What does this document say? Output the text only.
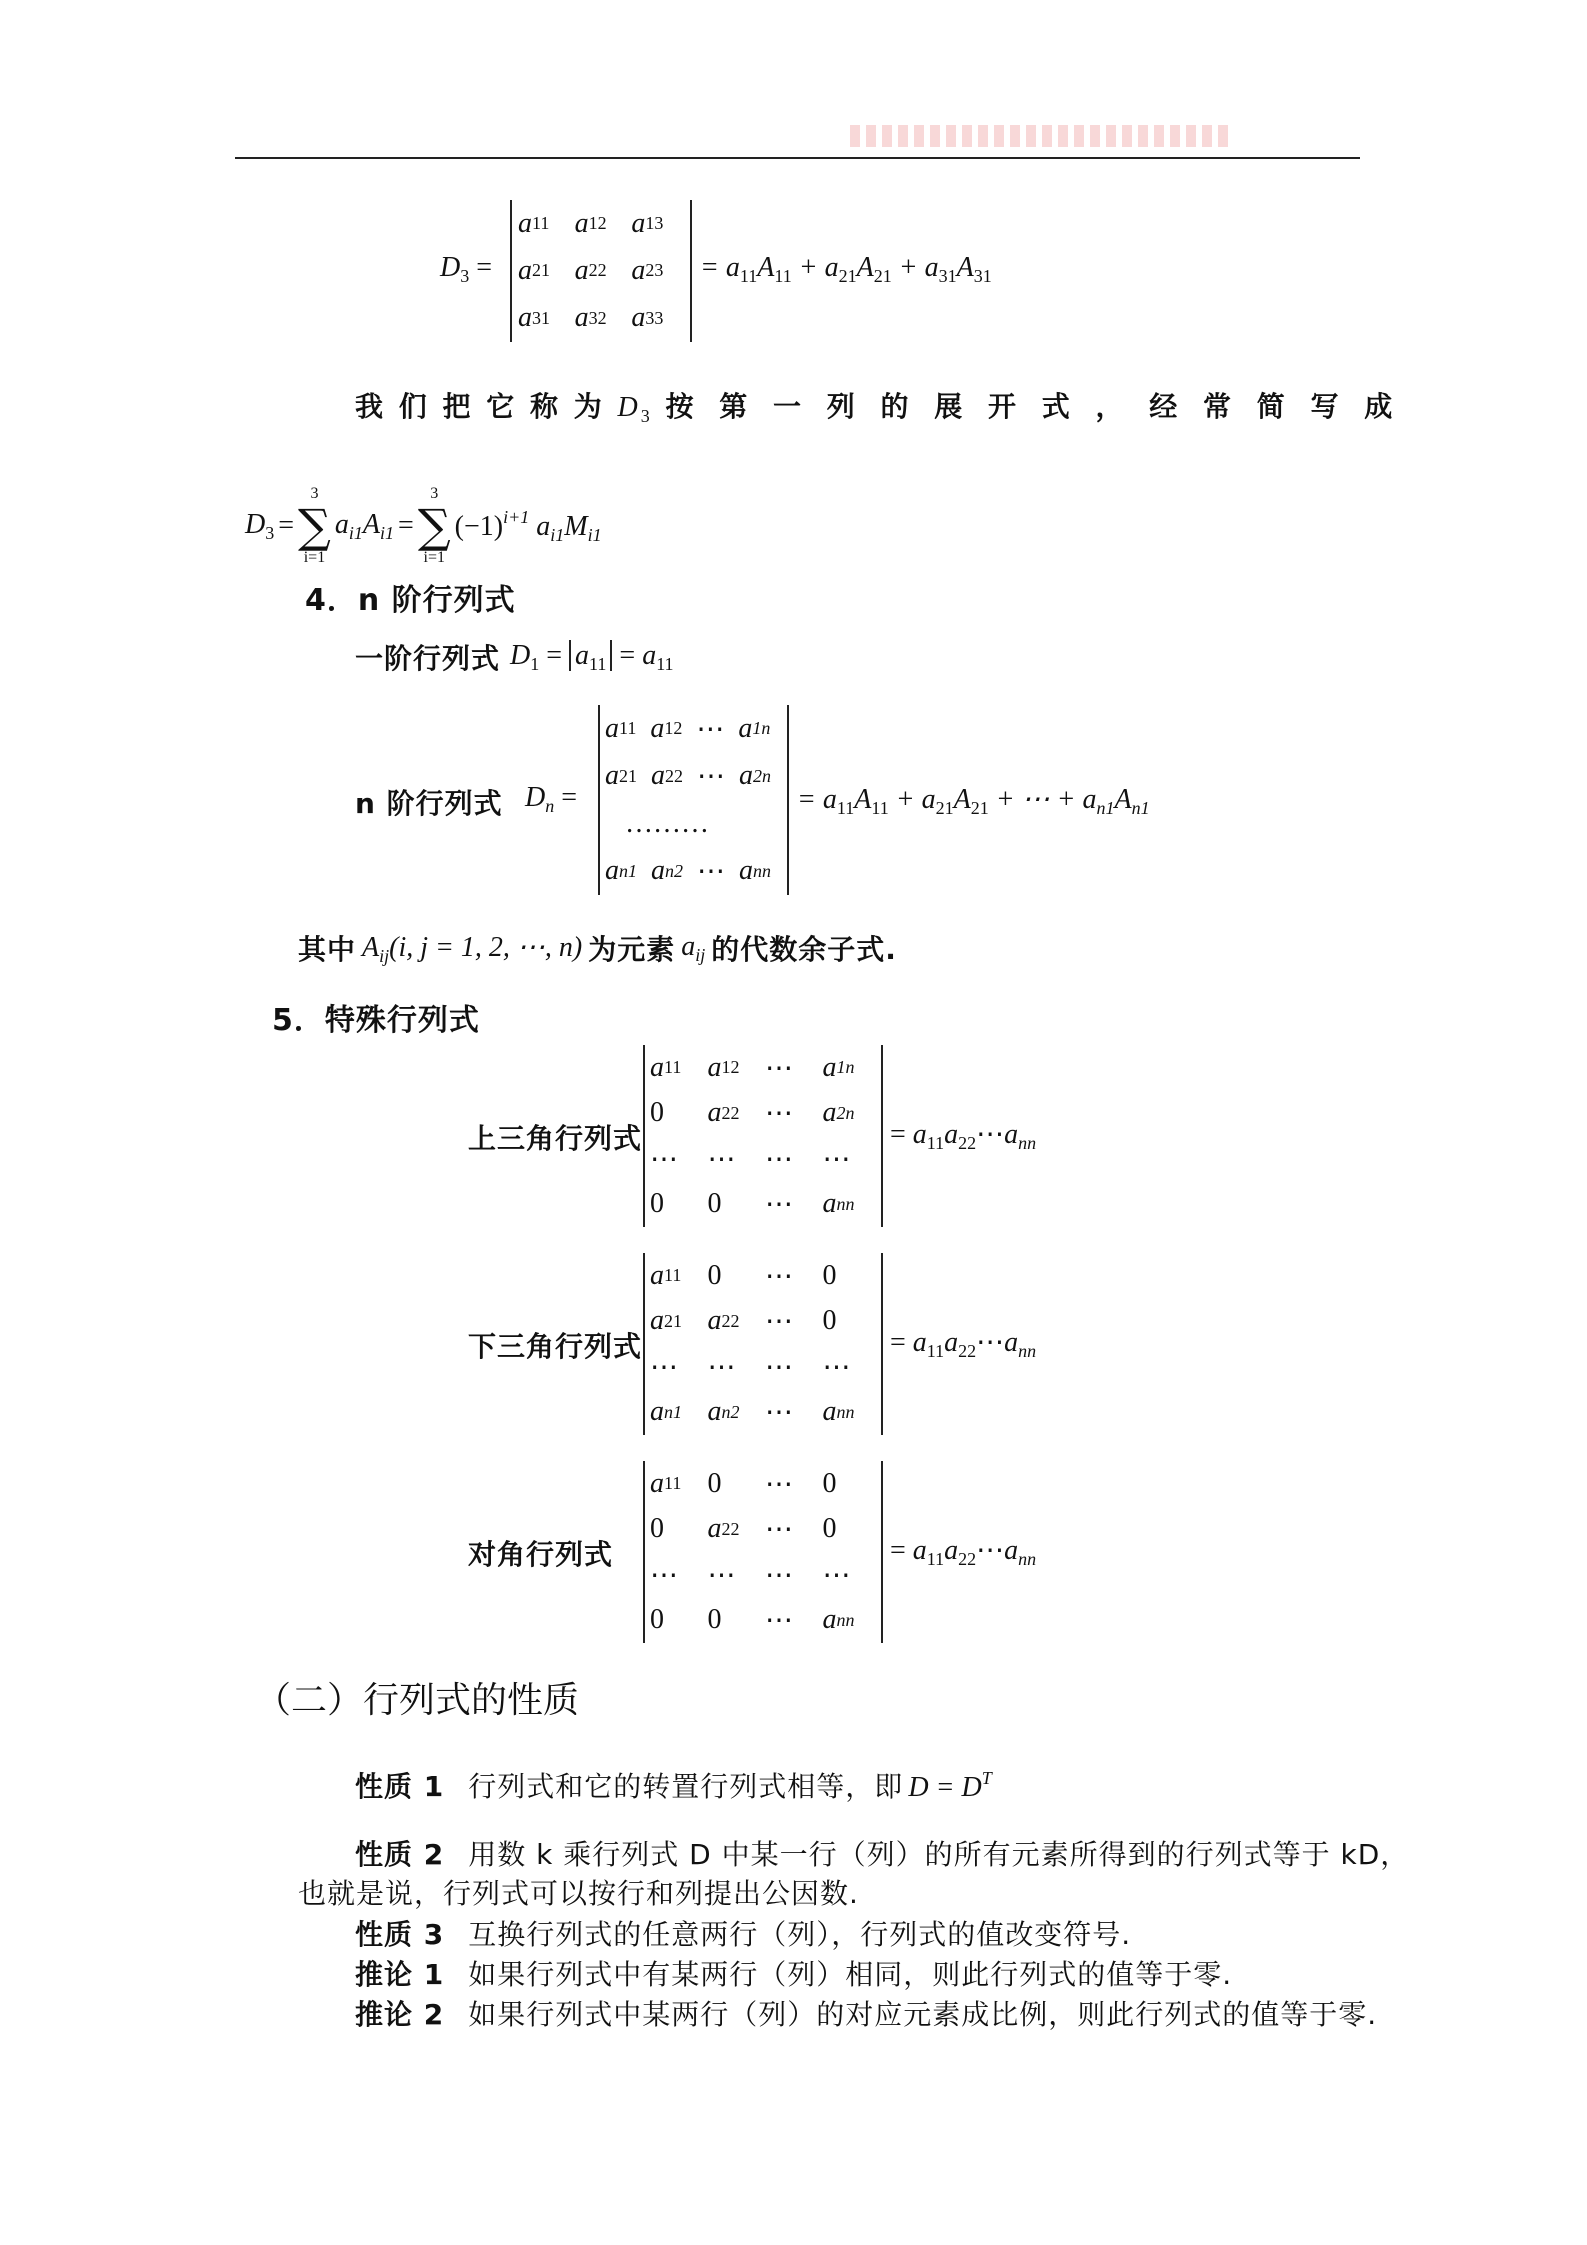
$D_3$ =
a 11 a 12 a 13
a 21 a 22 a 23
a 31 a 32 a 33
= $a_{11}A_{11} + a_{21}A_{21} + a_{31}A_{31}$
我 们 把 它 称 为 $D_3$ 按 第 一 列 的 展 开 式 ， 经 常 简 写 成
$D_3$ =
3
∑
i=1
$a_{i1}A_{i1}$ =
3
∑
i=1
$(-1)^{i+1}$ $a_{i1}M_{i1}$
4．n 阶行列式
一阶行列式 $D_1 = a_{11} = a_{11}$
n 阶行列式 $D_n$ =
a 11 a 12 ⋯ a 1n
a 21 a 22 ⋯ a 2n
………
a n1 a n2 ⋯ a nn
= $a_{11}A_{11} + a_{21}A_{21}$ + ⋯ + $a_{n1}A_{n1}$
其中 $A_{ij}(i$, j = 1, 2, ⋯, n) 为元素 $a_{ij}$ 的代数余子式.
5．特殊行列式
上三角行列式
a 11 a 12 ⋯ a 1n
0 a 22 ⋯ a 2n
⋯ ⋯ ⋯ ⋯
0 0 ⋯ a nn
= $a_{11}a_{22}\cdots a_{nn}$
下三角行列式
a 11 0 ⋯ 0
a 21 a 22 ⋯ 0
⋯ ⋯ ⋯ ⋯
a n1 a n2 ⋯ a nn
= $a_{11}a_{22}\cdots a_{nn}$
对角行列式
a 11 0 ⋯ 0
0 a 22 ⋯ 0
⋯ ⋯ ⋯ ⋯
0 0 ⋯ a nn
= $a_{11}a_{22}\cdots a_{nn}$
（二）行列式的性质
性质 1 行列式和它的转置行列式相等，即 $D = D^T$
性质 2 用数 k 乘行列式 D 中某一行（列）的所有元素所得到的行列式等于 kD，
也就是说，行列式可以按行和列提出公因数.
性质 3 互换行列式的任意两行（列），行列式的值改变符号.
推论 1 如果行列式中有某两行（列）相同，则此行列式的值等于零.
推论 2 如果行列式中某两行（列）的对应元素成比例，则此行列式的值等于零.
